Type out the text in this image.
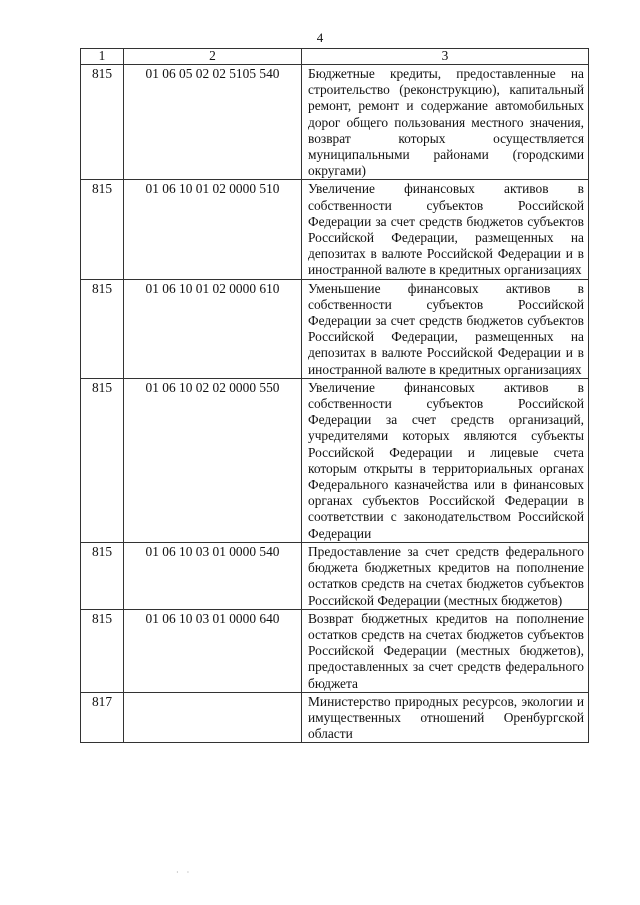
4
1	2	3
815	01 06 05 02 02 5105 540	Бюджетные кредиты, предоставленные на строительство (реконструкцию), капитальный ремонт, ремонт и содержание автомобильных дорог общего пользования местного значения, возврат которых осуществляется муниципальными районами (городскими округами)
815	01 06 10 01 02 0000 510	Увеличение финансовых активов в собственности субъектов Российской Федерации за счет средств бюджетов субъектов Российской Федерации, размещенных на депозитах в валюте Российской Федерации и в иностранной валюте в кредитных организациях
815	01 06 10 01 02 0000 610	Уменьшение финансовых активов в собственности субъектов Российской Федерации за счет средств бюджетов субъектов Российской Федерации, размещенных на депозитах в валюте Российской Федерации и в иностранной валюте в кредитных организациях
815	01 06 10 02 02 0000 550	Увеличение финансовых активов в собственности субъектов Российской Федерации за счет средств организаций, учредителями которых являются субъекты Российской Федерации и лицевые счета которым открыты в территориальных органах Федерального казначейства или в финансовых органах субъектов Российской Федерации в соответствии с законодательством Российской Федерации
815	01 06 10 03 01 0000 540	Предоставление за счет средств федерального бюджета бюджетных кредитов на пополнение остатков средств на счетах бюджетов субъектов Российской Федерации (местных бюджетов)
815	01 06 10 03 01 0000 640	Возврат бюджетных кредитов на пополнение остатков средств на счетах бюджетов субъектов Российской Федерации (местных бюджетов), предоставленных за счет средств федерального бюджета
817		Министерство природных ресурсов, экологии и имущественных отношений Оренбургской области
· ·
